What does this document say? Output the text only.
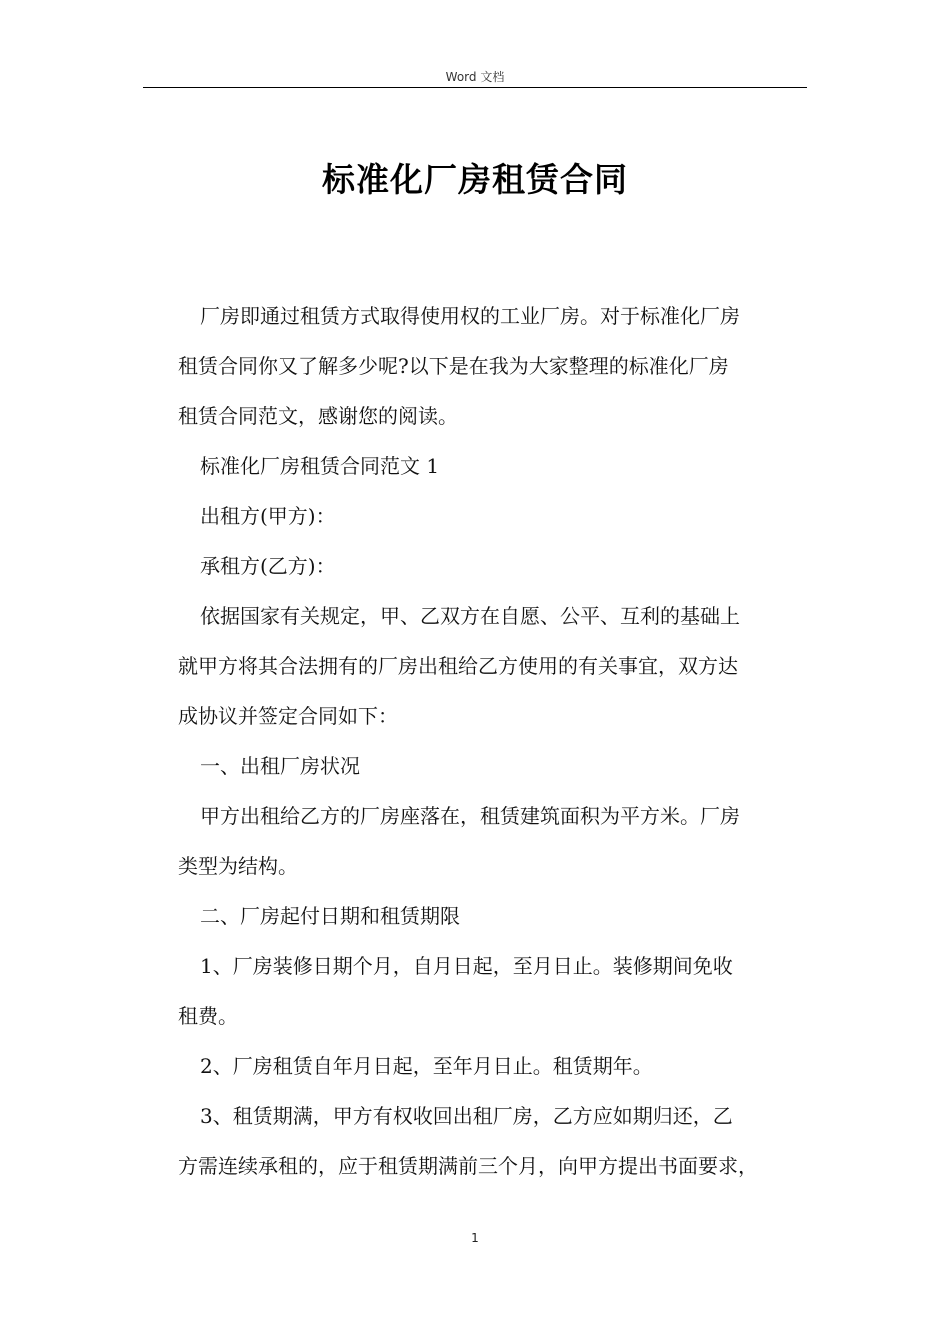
Word 文档
标准化厂房租赁合同

厂房即通过租赁方式取得使用权的工业厂房。对于标准化厂房
租赁合同你又了解多少呢?以下是在我为大家整理的标准化厂房
租赁合同范文，感谢您的阅读。

标准化厂房租赁合同范文 1

出租方(甲方)：

承租方(乙方)：

依据国家有关规定，甲、乙双方在自愿、公平、互利的基础上
就甲方将其合法拥有的厂房出租给乙方使用的有关事宜，双方达
成协议并签定合同如下：

一、出租厂房状况

甲方出租给乙方的厂房座落在，租赁建筑面积为平方米。厂房
类型为结构。

二、厂房起付日期和租赁期限

1、厂房装修日期个月，自月日起，至月日止。装修期间免收
租费。

2、厂房租赁自年月日起，至年月日止。租赁期年。

3、租赁期满，甲方有权收回出租厂房，乙方应如期归还，乙
方需连续承租的，应于租赁期满前三个月，向甲方提出书面要求，

1
